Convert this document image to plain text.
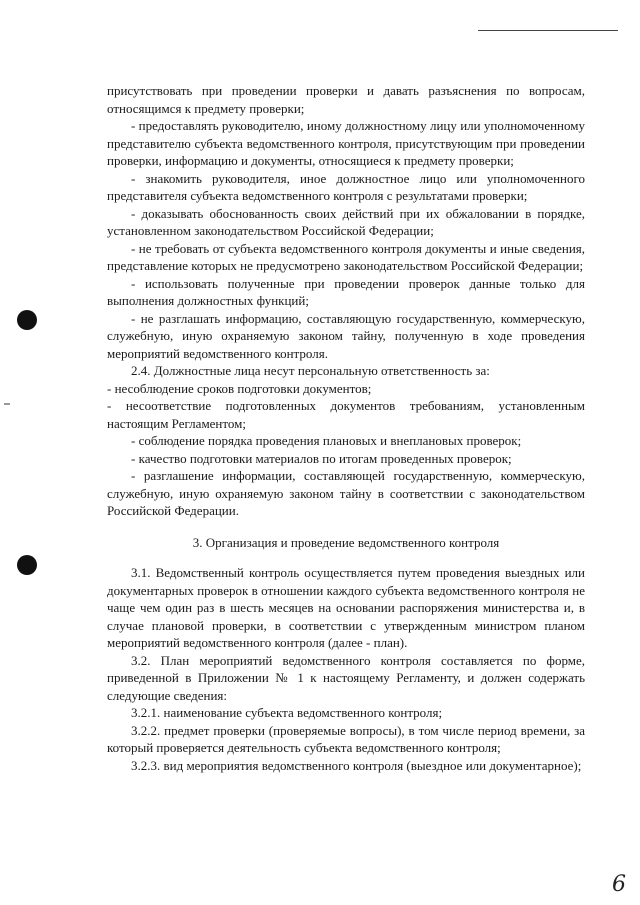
присутствовать при проведении проверки и давать разъяснения по вопросам, относящимся к предмету проверки;

- предоставлять руководителю, иному должностному лицу или уполномоченному представителю субъекта ведомственного контроля, присутствующим при проведении проверки, информацию и документы, относящиеся к предмету проверки;

- знакомить руководителя, иное должностное лицо или уполномоченного представителя субъекта ведомственного контроля с результатами проверки;

- доказывать обоснованность своих действий при их обжаловании в порядке, установленном законодательством Российской Федерации;

- не требовать от субъекта ведомственного контроля документы и иные сведения, представление которых не предусмотрено законодательством Российской Федерации;

- использовать полученные при проведении проверок данные только для выполнения должностных функций;

- не разглашать информацию, составляющую государственную, коммерческую, служебную, иную охраняемую законом тайну, полученную в ходе проведения мероприятий ведомственного контроля.

2.4. Должностные лица несут персональную ответственность за:

- несоблюдение сроков подготовки документов;

- несоответствие подготовленных документов требованиям, установленным настоящим Регламентом;

- соблюдение порядка проведения плановых и внеплановых проверок;

- качество подготовки материалов по итогам проведенных проверок;

- разглашение информации, составляющей государственную, коммерческую, служебную, иную охраняемую законом тайну в соответствии с законодательством Российской Федерации.

3. Организация и проведение ведомственного контроля

3.1. Ведомственный контроль осуществляется путем проведения выездных или документарных проверок в отношении каждого субъекта ведомственного контроля не чаще чем один раз в шесть месяцев на основании распоряжения министерства и, в случае плановой проверки, в соответствии с утвержденным министром планом мероприятий ведомственного контроля (далее - план).

3.2. План мероприятий ведомственного контроля составляется по форме, приведенной в Приложении № 1 к настоящему Регламенту, и должен содержать следующие сведения:

3.2.1. наименование субъекта ведомственного контроля;

3.2.2. предмет проверки (проверяемые вопросы), в том числе период времени, за который проверяется деятельность субъекта ведомственного контроля;

3.2.3. вид мероприятия ведомственного контроля (выездное или документарное);

6
